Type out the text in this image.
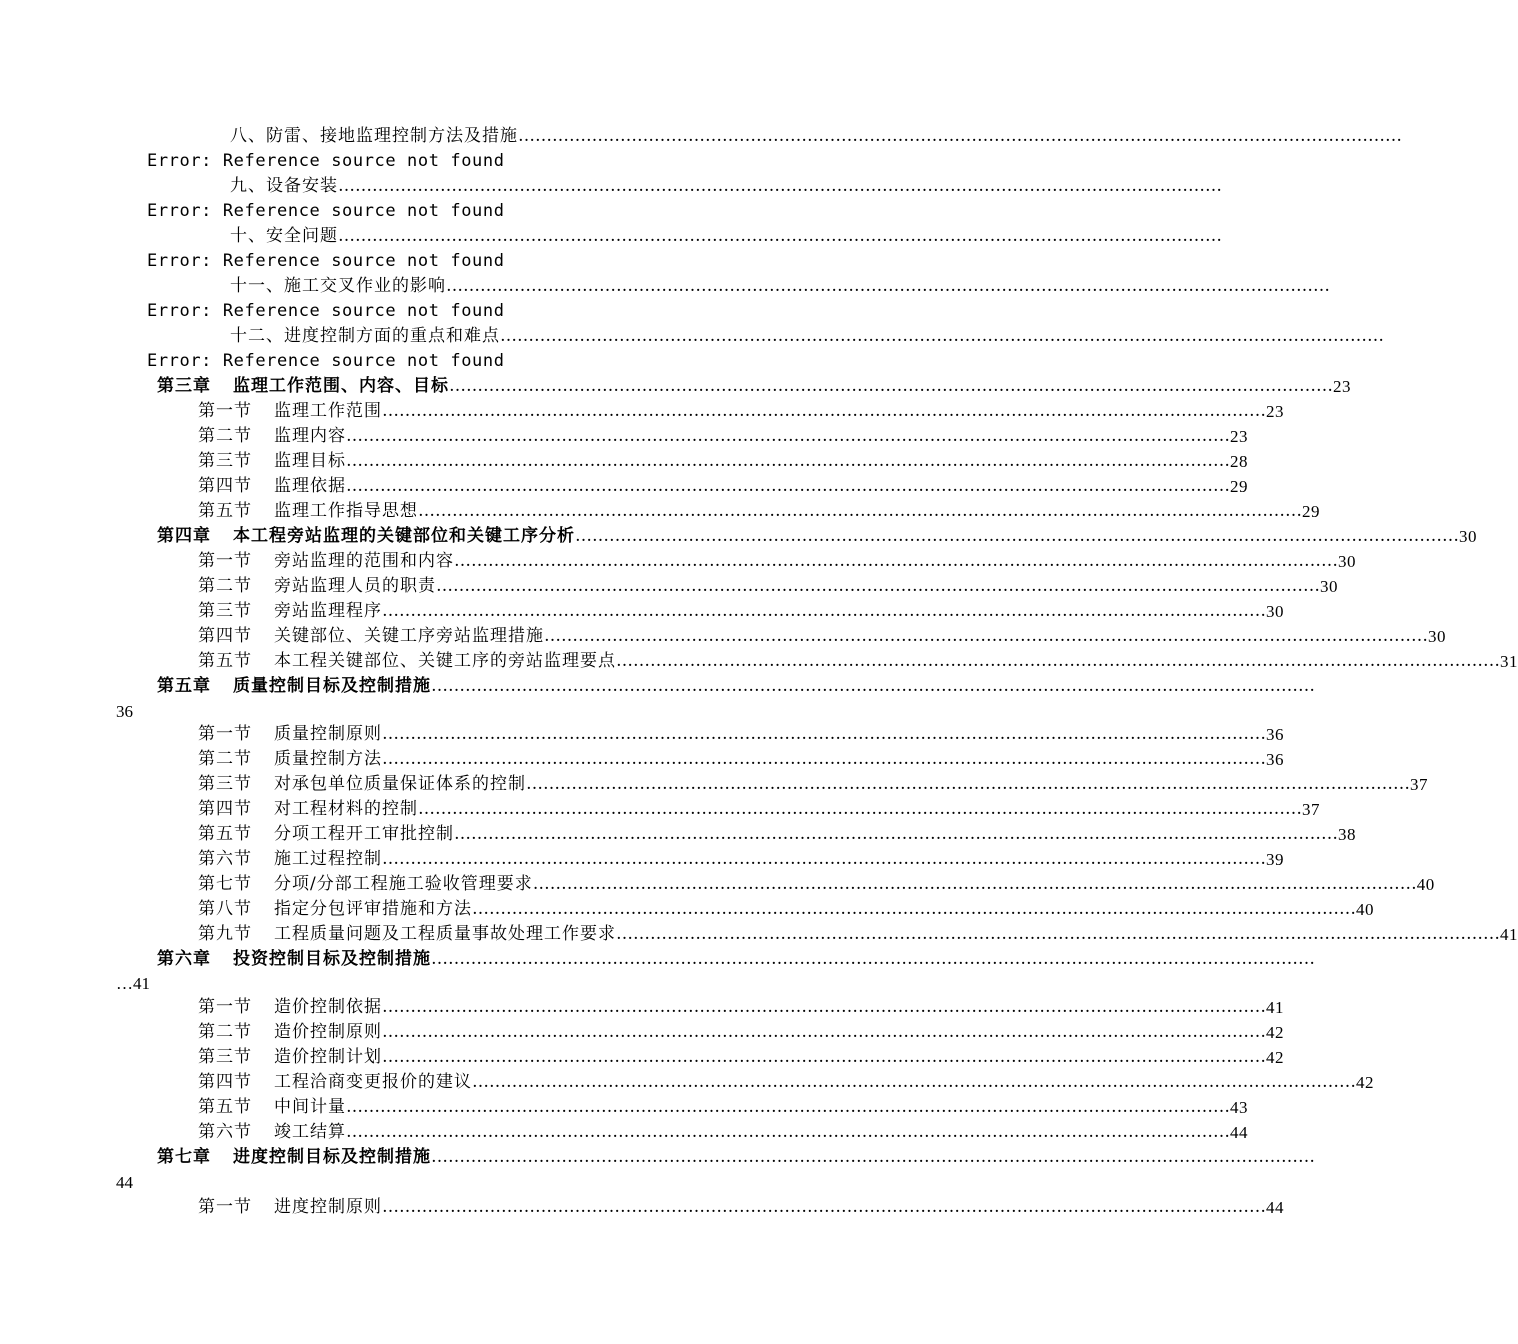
八、防雷、接地监理控制方法及措施 …………………………………………………………………………………………………………………………………………
Error: Reference source not found
九、设备安装 …………………………………………………………………………………………………………………………………………
Error: Reference source not found
十、安全问题 …………………………………………………………………………………………………………………………………………
Error: Reference source not found
十一、施工交叉作业的影响 …………………………………………………………………………………………………………………………………………
Error: Reference source not found
十二、进度控制方面的重点和难点 …………………………………………………………………………………………………………………………………………
Error: Reference source not found
第三章 监理工作范围、内容、目标 ………………………………………………………………………………………………………………………………………… 23
第一节 监理工作范围 ………………………………………………………………………………………………………………………………………… 23
第二节 监理内容 ………………………………………………………………………………………………………………………………………… 23
第三节 监理目标 ………………………………………………………………………………………………………………………………………… 28
第四节 监理依据 ………………………………………………………………………………………………………………………………………… 29
第五节 监理工作指导思想 ………………………………………………………………………………………………………………………………………… 29
第四章 本工程旁站监理的关键部位和关键工序分析 ………………………………………………………………………………………………………………………………………… 30
第一节 旁站监理的范围和内容 ………………………………………………………………………………………………………………………………………… 30
第二节 旁站监理人员的职责 ………………………………………………………………………………………………………………………………………… 30
第三节 旁站监理程序 ………………………………………………………………………………………………………………………………………… 30
第四节 关键部位、关键工序旁站监理措施 ………………………………………………………………………………………………………………………………………… 30
第五节 本工程关键部位、关键工序的旁站监理要点 ………………………………………………………………………………………………………………………………………… 31
第五章 质量控制目标及控制措施 …………………………………………………………………………………………………………………………………………
36
第一节 质量控制原则 ………………………………………………………………………………………………………………………………………… 36
第二节 质量控制方法 ………………………………………………………………………………………………………………………………………… 36
第三节 对承包单位质量保证体系的控制 ………………………………………………………………………………………………………………………………………… 37
第四节 对工程材料的控制 ………………………………………………………………………………………………………………………………………… 37
第五节 分项工程开工审批控制 ………………………………………………………………………………………………………………………………………… 38
第六节 施工过程控制 ………………………………………………………………………………………………………………………………………… 39
第七节 分项/分部工程施工验收管理要求 ………………………………………………………………………………………………………………………………………… 40
第八节 指定分包评审措施和方法 ………………………………………………………………………………………………………………………………………… 40
第九节 工程质量问题及工程质量事故处理工作要求 ………………………………………………………………………………………………………………………………………… 41
第六章 投资控制目标及控制措施 …………………………………………………………………………………………………………………………………………
…41
第一节 造价控制依据 ………………………………………………………………………………………………………………………………………… 41
第二节 造价控制原则 ………………………………………………………………………………………………………………………………………… 42
第三节 造价控制计划 ………………………………………………………………………………………………………………………………………… 42
第四节 工程洽商变更报价的建议 ………………………………………………………………………………………………………………………………………… 42
第五节 中间计量 ………………………………………………………………………………………………………………………………………… 43
第六节 竣工结算 ………………………………………………………………………………………………………………………………………… 44
第七章 进度控制目标及控制措施 …………………………………………………………………………………………………………………………………………
44
第一节 进度控制原则 ………………………………………………………………………………………………………………………………………… 44
